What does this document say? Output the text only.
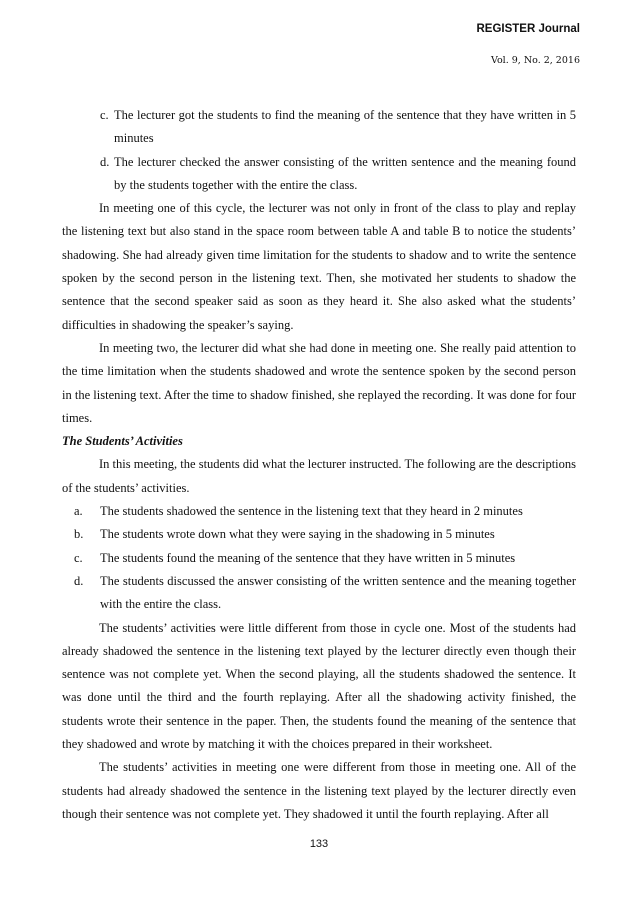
REGISTER Journal
Vol. 9, No. 2, 2016
c. The lecturer got the students to find the meaning of the sentence that they have written in 5 minutes
d. The lecturer checked the answer consisting of the written sentence and the meaning found by the students together with the entire the class.

In meeting one of this cycle, the lecturer was not only in front of the class to play and replay the listening text but also stand in the space room between table A and table B to notice the students’ shadowing. She had already given time limitation for the students to shadow and to write the sentence spoken by the second person in the listening text. Then, she motivated her students to shadow the sentence that the second speaker said as soon as they heard it. She also asked what the students’ difficulties in shadowing the speaker’s saying.

In meeting two, the lecturer did what she had done in meeting one. She really paid attention to the time limitation when the students shadowed and wrote the sentence spoken by the second person in the listening text. After the time to shadow finished, she replayed the recording. It was done for four times.

The Students’ Activities

In this meeting, the students did what the lecturer instructed. The following are the descriptions of the students’ activities.

a. The students shadowed the sentence in the listening text that they heard in 2 minutes
b. The students wrote down what they were saying in the shadowing in 5 minutes
c. The students found the meaning of the sentence that they have written in 5 minutes
d. The students discussed the answer consisting of the written sentence and the meaning together with the entire the class.

The students’ activities were little different from those in cycle one. Most of the students had already shadowed the sentence in the listening text played by the lecturer directly even though their sentence was not complete yet. When the second playing, all the students shadowed the sentence. It was done until the third and the fourth replaying. After all the shadowing activity finished, the students wrote their sentence in the paper. Then, the students found the meaning of the sentence that they shadowed and wrote by matching it with the choices prepared in their worksheet.

The students’ activities in meeting one were different from those in meeting one. All of the students had already shadowed the sentence in the listening text played by the lecturer directly even though their sentence was not complete yet. They shadowed it until the fourth replaying. After all

133
